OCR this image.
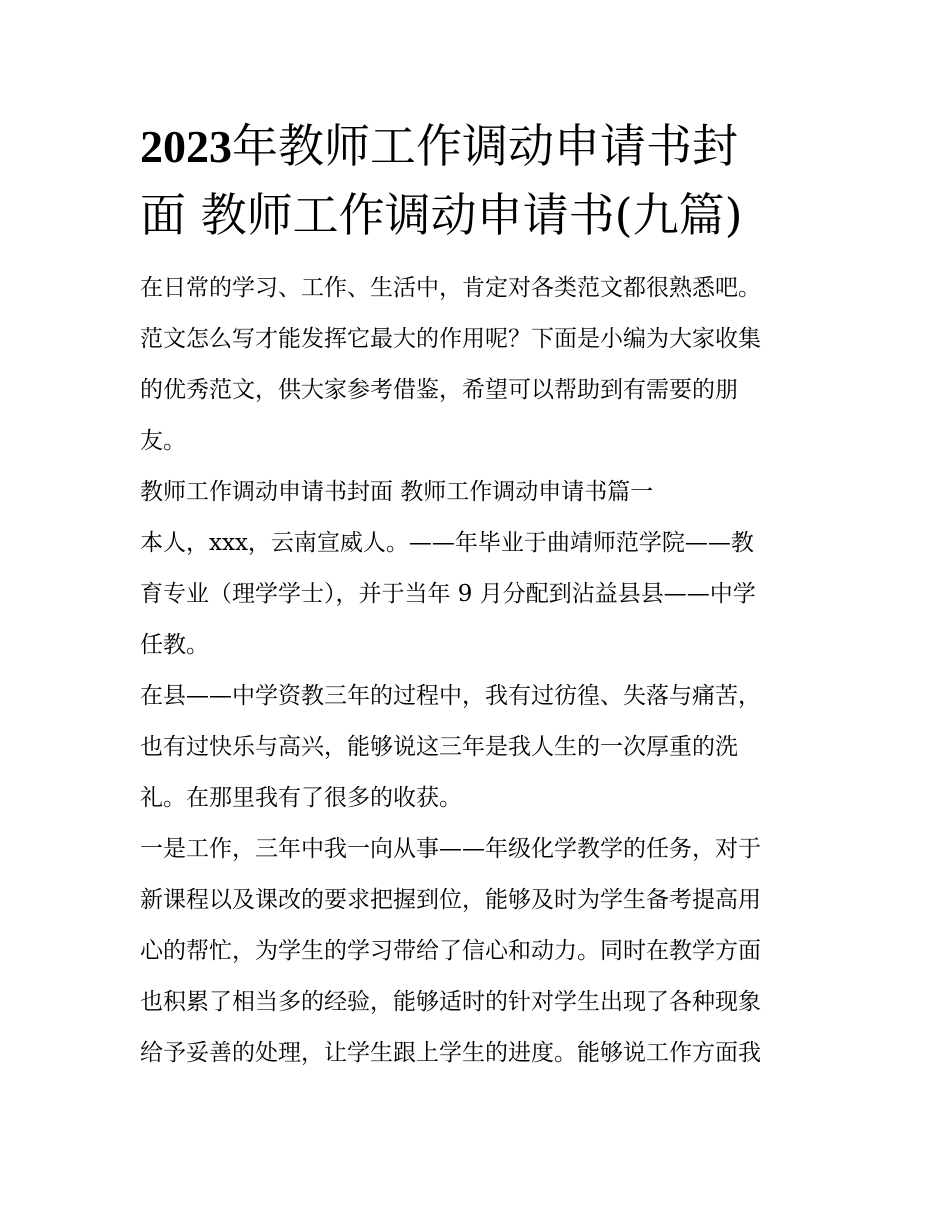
2023年教师工作调动申请书封
面 教师工作调动申请书(九篇)
在日常的学习、工作、生活中，肯定对各类范文都很熟悉吧。
范文怎么写才能发挥它最大的作用呢？下面是小编为大家收集
的优秀范文，供大家参考借鉴，希望可以帮助到有需要的朋
友。
教师工作调动申请书封面 教师工作调动申请书篇一
本人，xxx，云南宣威人。——年毕业于曲靖师范学院——教
育专业（理学学士），并于当年 9 月分配到沾益县县——中学
任教。
在县——中学资教三年的过程中，我有过彷徨、失落与痛苦，
也有过快乐与高兴，能够说这三年是我人生的一次厚重的洗
礼。在那里我有了很多的收获。
一是工作，三年中我一向从事——年级化学教学的任务，对于
新课程以及课改的要求把握到位，能够及时为学生备考提高用
心的帮忙，为学生的学习带给了信心和动力。同时在教学方面
也积累了相当多的经验，能够适时的针对学生出现了各种现象
给予妥善的处理，让学生跟上学生的进度。能够说工作方面我
